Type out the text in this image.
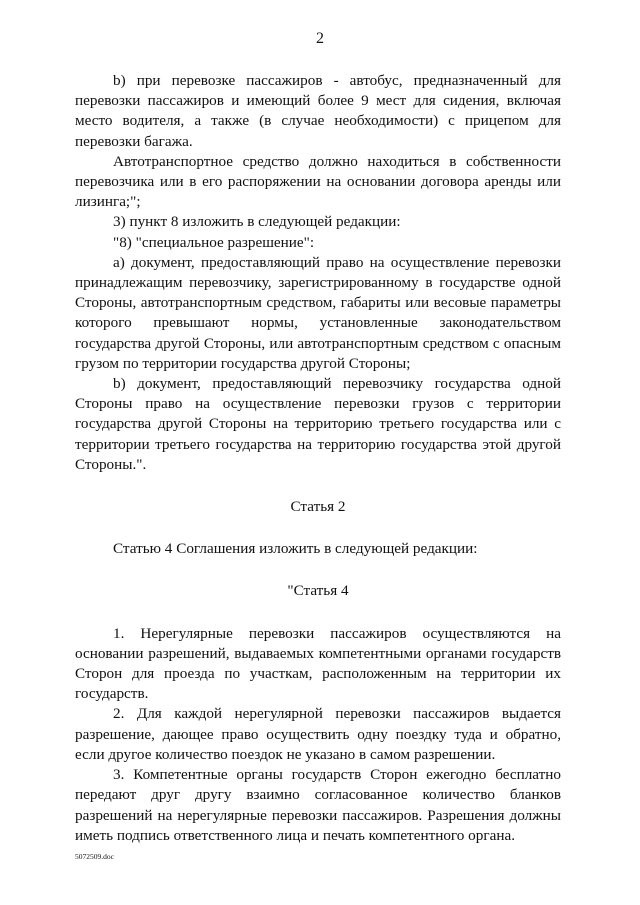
2

b) при перевозке пассажиров - автобус, предназначенный для перевозки пассажиров и имеющий более 9 мест для сидения, включая место водителя, а также (в случае необходимости) с прицепом для перевозки багажа.

Автотранспортное средство должно находиться в собственности перевозчика или в его распоряжении на основании договора аренды или лизинга;";

3) пункт 8 изложить в следующей редакции:

"8) "специальное разрешение":

а) документ, предоставляющий право на осуществление перевозки принадлежащим перевозчику, зарегистрированному в государстве одной Стороны, автотранспортным средством, габариты или весовые параметры которого превышают нормы, установленные законодательством государства другой Стороны, или автотранспортным средством с опасным грузом по территории государства другой Стороны;

b) документ, предоставляющий перевозчику государства одной Стороны право на осуществление перевозки грузов с территории государства другой Стороны на территорию третьего государства или с территории третьего государства на территорию государства этой другой Стороны.".

Статья 2

Статью 4 Соглашения изложить в следующей редакции:

"Статья 4

1. Нерегулярные перевозки пассажиров осуществляются на основании разрешений, выдаваемых компетентными органами государств Сторон для проезда по участкам, расположенным на территории их государств.

2. Для каждой нерегулярной перевозки пассажиров выдается разрешение, дающее право осуществить одну поездку туда и обратно, если другое количество поездок не указано в самом разрешении.

3. Компетентные органы государств Сторон ежегодно бесплатно передают друг другу взаимно согласованное количество бланков разрешений на нерегулярные перевозки пассажиров. Разрешения должны иметь подпись ответственного лица и печать компетентного органа.

5072509.doc
